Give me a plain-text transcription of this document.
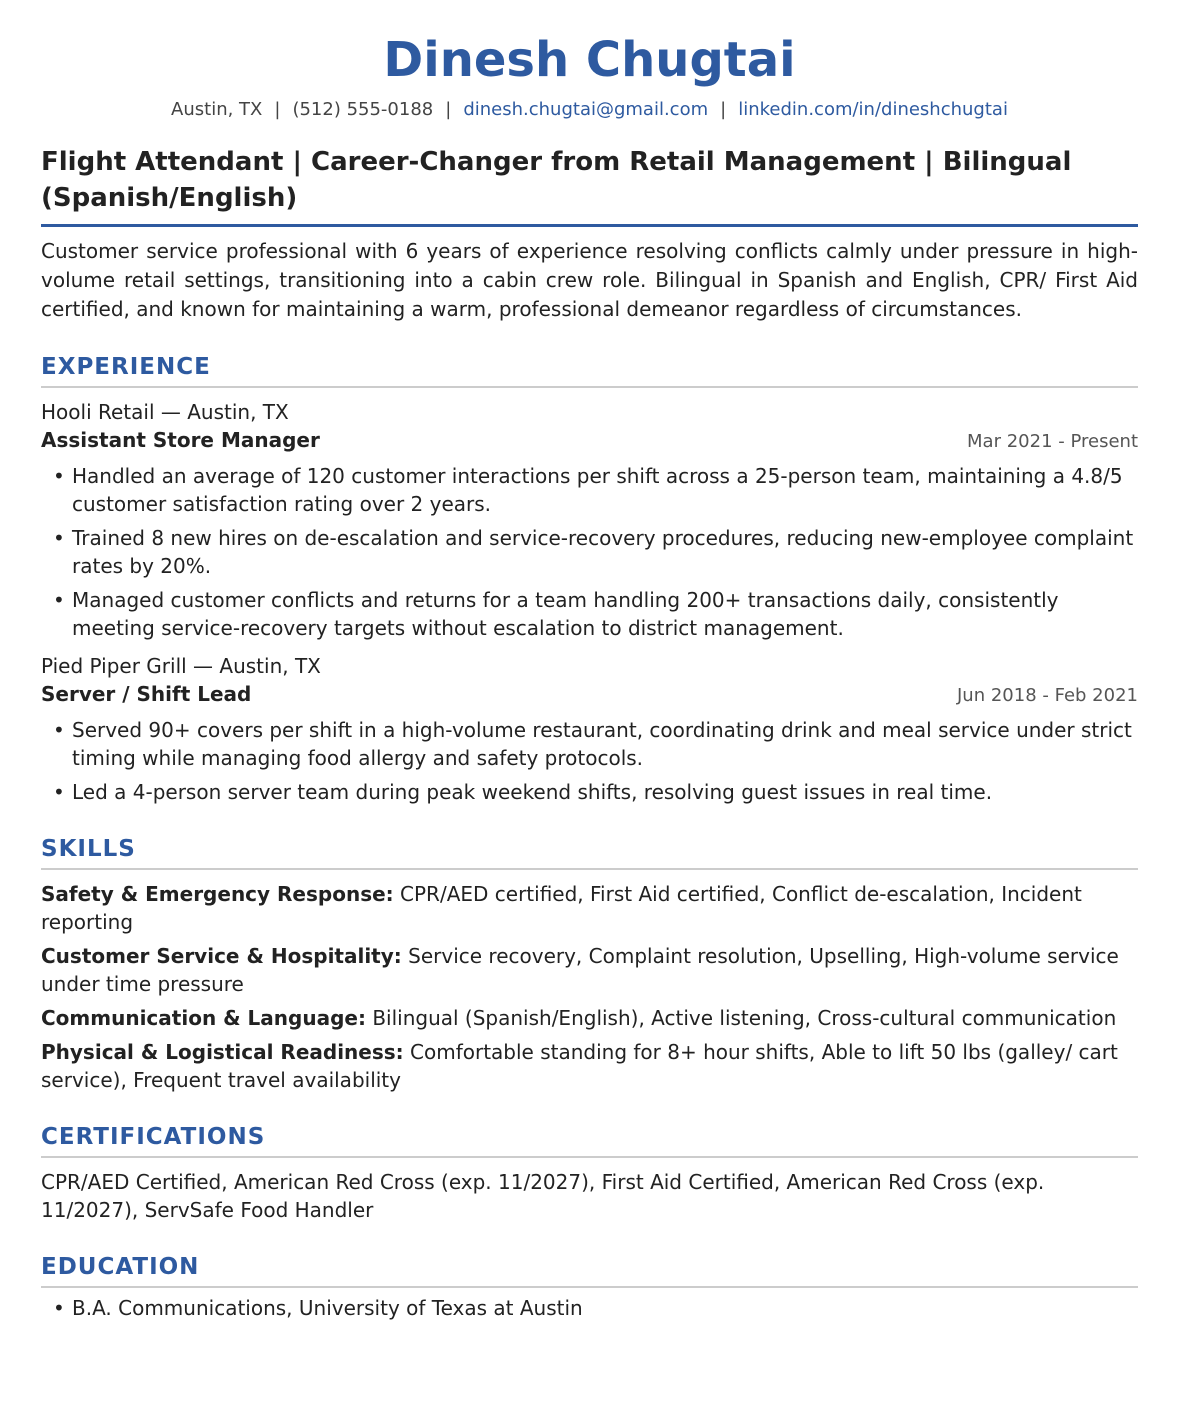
Dinesh Chugtai
Austin, TX | (512) 555-0188 | dinesh.chugtai@gmail.com | linkedin.com/in/dineshchugtai
Flight Attendant | Career-Changer from Retail Management | Bilingual (Spanish/English)
Customer service professional with 6 years of experience resolving conflicts calmly under pressure in high-volume retail settings, transitioning into a cabin crew role. Bilingual in Spanish and English, CPR/ First Aid certified, and known for maintaining a warm, professional demeanor regardless of circumstances.
EXPERIENCE
Hooli Retail — Austin, TX
Assistant Store Manager	Mar 2021 - Present
• Handled an average of 120 customer interactions per shift across a 25-person team, maintaining a 4.8/5 customer satisfaction rating over 2 years.
• Trained 8 new hires on de-escalation and service-recovery procedures, reducing new-employee complaint rates by 20%.
• Managed customer conflicts and returns for a team handling 200+ transactions daily, consistently meeting service-recovery targets without escalation to district management.
Pied Piper Grill — Austin, TX
Server / Shift Lead	Jun 2018 - Feb 2021
• Served 90+ covers per shift in a high-volume restaurant, coordinating drink and meal service under strict timing while managing food allergy and safety protocols.
• Led a 4-person server team during peak weekend shifts, resolving guest issues in real time.
SKILLS
Safety & Emergency Response: CPR/AED certified, First Aid certified, Conflict de-escalation, Incident reporting
Customer Service & Hospitality: Service recovery, Complaint resolution, Upselling, High-volume service under time pressure
Communication & Language: Bilingual (Spanish/English), Active listening, Cross-cultural communication
Physical & Logistical Readiness: Comfortable standing for 8+ hour shifts, Able to lift 50 lbs (galley/ cart service), Frequent travel availability
CERTIFICATIONS
CPR/AED Certified, American Red Cross (exp. 11/2027), First Aid Certified, American Red Cross (exp. 11/2027), ServSafe Food Handler
EDUCATION
• B.A. Communications, University of Texas at Austin
